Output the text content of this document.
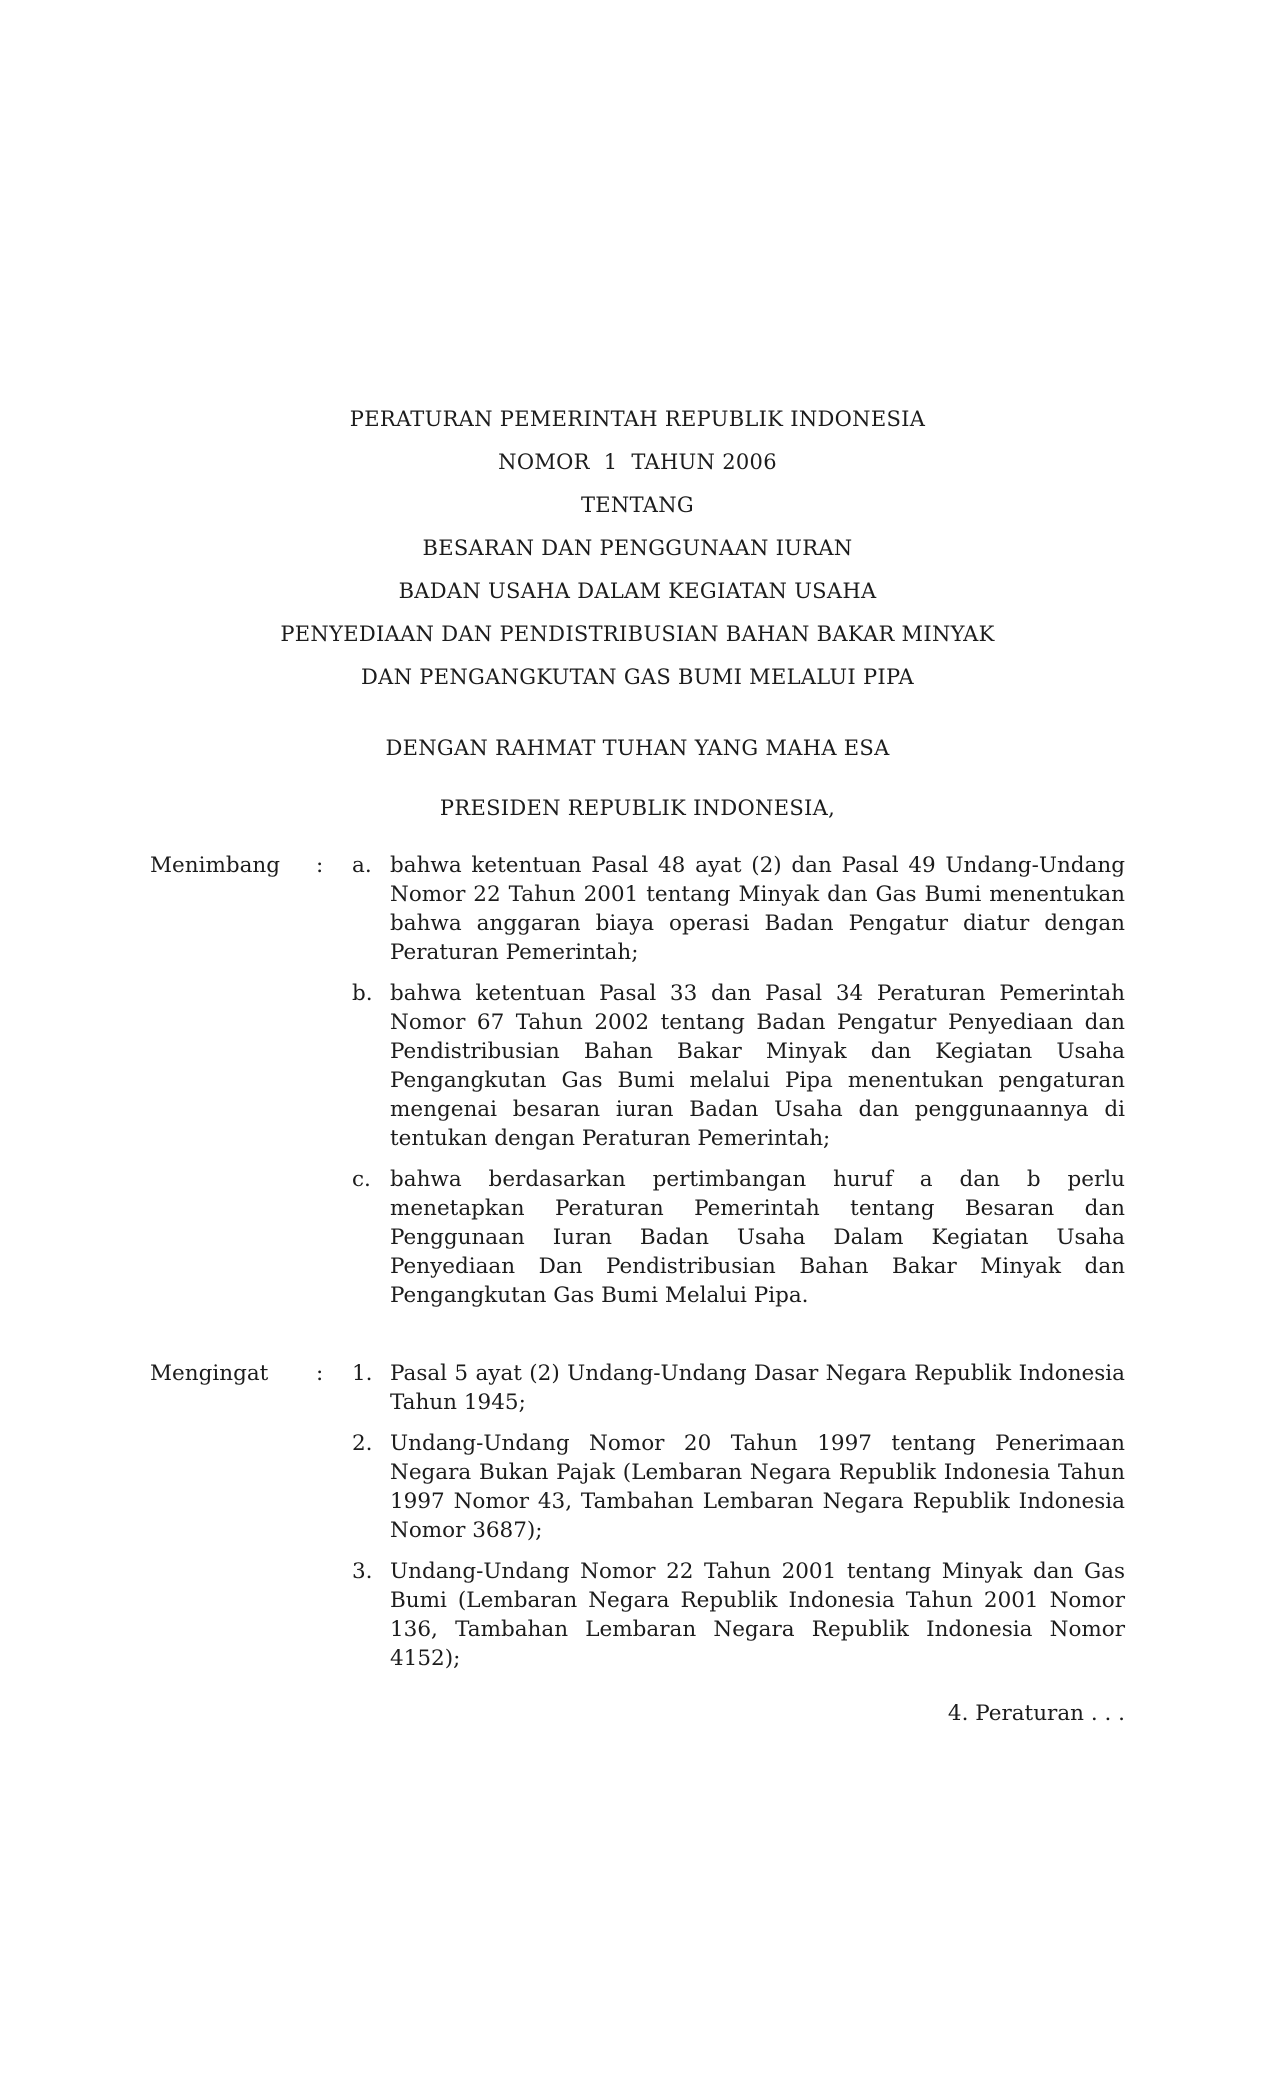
PERATURAN PEMERINTAH REPUBLIK INDONESIA
NOMOR  1  TAHUN 2006
TENTANG
BESARAN DAN PENGGUNAAN IURAN
BADAN USAHA DALAM KEGIATAN USAHA
PENYEDIAAN DAN PENDISTRIBUSIAN BAHAN BAKAR MINYAK
DAN PENGANGKUTAN GAS BUMI MELALUI PIPA
DENGAN RAHMAT TUHAN YANG MAHA ESA
PRESIDEN REPUBLIK INDONESIA,
Menimbang	:	a. bahwa ketentuan Pasal 48 ayat (2) dan Pasal 49 Undang-Undang Nomor 22 Tahun 2001 tentang Minyak dan Gas Bumi menentukan bahwa anggaran biaya operasi Badan Pengatur diatur dengan Peraturan Pemerintah;
b. bahwa ketentuan Pasal 33 dan Pasal 34 Peraturan Pemerintah Nomor 67 Tahun 2002 tentang Badan Pengatur Penyediaan dan Pendistribusian Bahan Bakar Minyak dan Kegiatan Usaha Pengangkutan Gas Bumi melalui Pipa menentukan pengaturan mengenai besaran iuran Badan Usaha dan penggunaannya di tentukan dengan Peraturan Pemerintah;
c. bahwa berdasarkan pertimbangan huruf a dan b perlu menetapkan Peraturan Pemerintah tentang Besaran dan Penggunaan Iuran Badan Usaha Dalam Kegiatan Usaha Penyediaan Dan Pendistribusian Bahan Bakar Minyak dan Pengangkutan Gas Bumi Melalui Pipa.
Mengingat	:	1. Pasal 5 ayat (2) Undang-Undang Dasar Negara Republik Indonesia Tahun 1945;
2. Undang-Undang Nomor 20 Tahun 1997 tentang Penerimaan Negara Bukan Pajak (Lembaran Negara Republik Indonesia Tahun 1997 Nomor 43, Tambahan Lembaran Negara Republik Indonesia Nomor 3687);
3. Undang-Undang Nomor 22 Tahun 2001 tentang Minyak dan Gas Bumi (Lembaran Negara Republik Indonesia Tahun 2001 Nomor 136, Tambahan Lembaran Negara Republik Indonesia Nomor 4152);
4. Peraturan . . .
